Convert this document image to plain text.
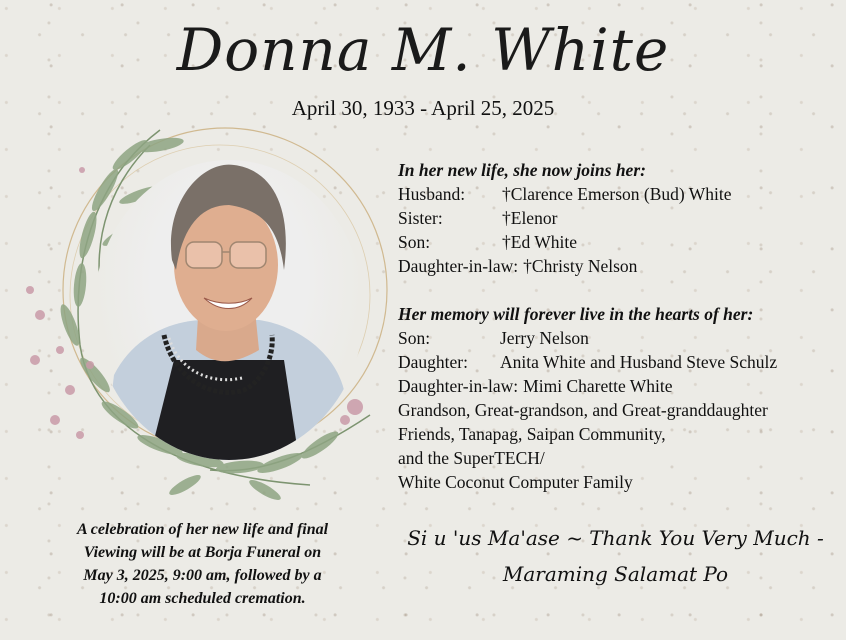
Donna M. White

April 30, 1933 - April 25, 2025

In her new life, she now joins her:
Husband:	†Clarence Emerson (Bud) White
Sister:	†Elenor
Son:	†Ed White
Daughter-in-law: †Christy Nelson
Her memory will forever live in the hearts of her:
Son:	Jerry Nelson
Daughter:	Anita White and Husband Steve Schulz
Daughter-in-law: Mimi Charette White
Grandson, Great-grandson, and Great-granddaughter
Friends, Tanapag, Saipan Community,
and the SuperTECH/
White Coconut Computer Family
A celebration of her new life and final
Viewing will be at Borja Funeral on
May 3, 2025, 9:00 am, followed by a
10:00 am scheduled cremation.
Si u 'us Ma'ase ~ Thank You Very Much -
Maraming Salamat Po
